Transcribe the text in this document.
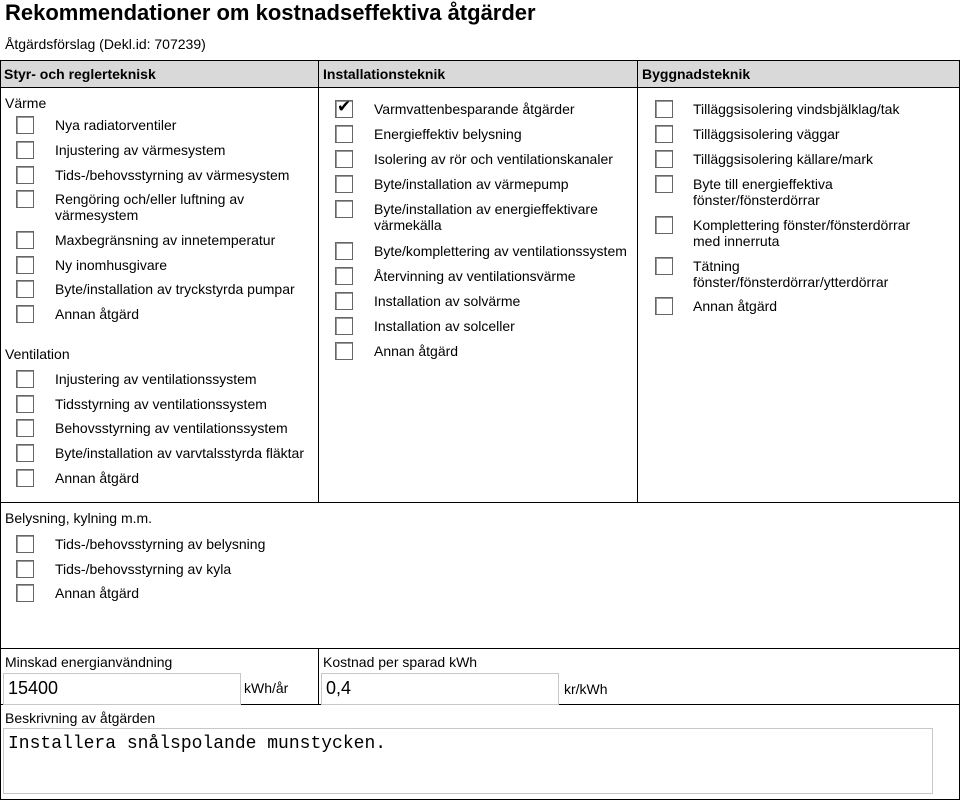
Rekommendationer om kostnadseffektiva åtgärder
Åtgärdsförslag (Dekl.id: 707239)
Styr- och reglerteknisk	Installationsteknik	Byggnadsteknik
Värme
Ventilation
Belysning, kylning m.m.
Nya radiatorventiler
Injustering av värmesystem
Tids-/behovsstyrning av värmesystem
Rengöring och/eller luftning av
värmesystem
Maxbegränsning av innetemperatur
Ny inomhusgivare
Byte/installation av tryckstyrda pumpar
Annan åtgärd
Injustering av ventilationssystem
Tidsstyrning av ventilationssystem
Behovsstyrning av ventilationssystem
Byte/installation av varvtalsstyrda fläktar
Annan åtgärd
Tids-/behovsstyrning av belysning
Tids-/behovsstyrning av kyla
Annan åtgärd
✔ Varmvattenbesparande åtgärder
Energieffektiv belysning
Isolering av rör och ventilationskanaler
Byte/installation av värmepump
Byte/installation av energieffektivare
värmekälla
Byte/komplettering av ventilationssystem
Återvinning av ventilationsvärme
Installation av solvärme
Installation av solceller
Annan åtgärd
Tilläggsisolering vindsbjälklag/tak
Tilläggsisolering väggar
Tilläggsisolering källare/mark
Byte till energieffektiva
fönster/fönsterdörrar
Komplettering fönster/fönsterdörrar
med innerruta
Tätning
fönster/fönsterdörrar/ytterdörrar
Annan åtgärd
Minskad energianvändning
15400	kWh/år
Kostnad per sparad kWh
0,4	kr/kWh
Beskrivning av åtgärden
Installera snålspolande munstycken.
